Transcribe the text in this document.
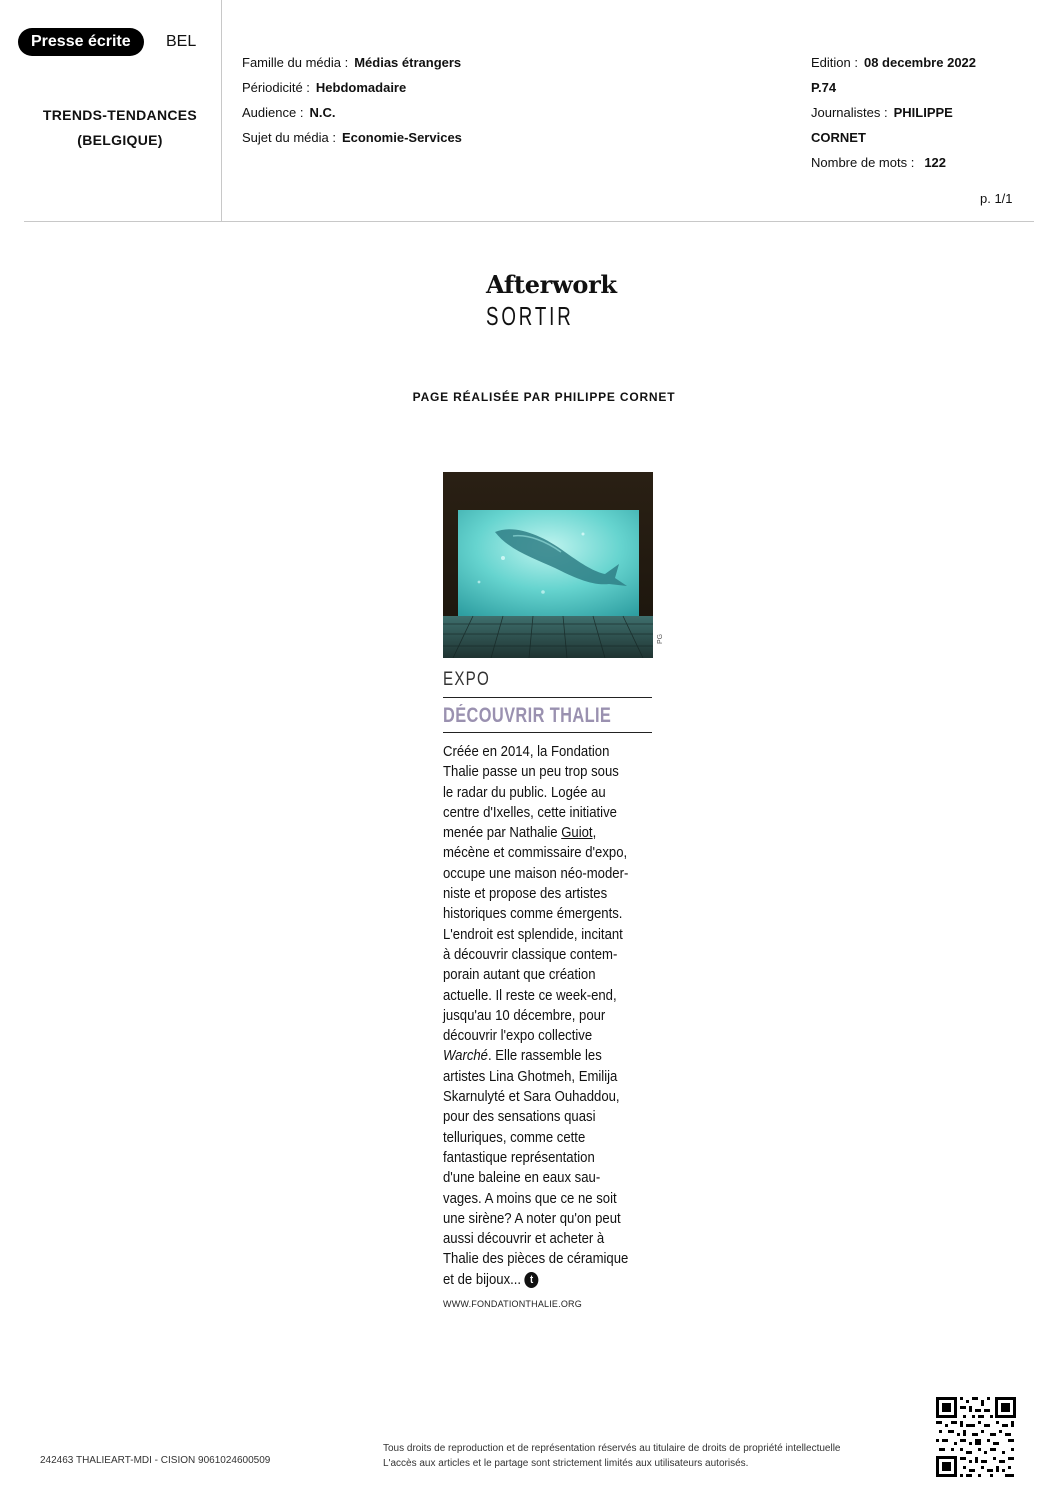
Presse écrite	BEL
TRENDS-TENDANCES
(BELGIQUE)
Famille du média : Médias étrangers
Périodicité : Hebdomadaire
Audience : N.C.
Sujet du média : Economie-Services
Edition : 08 decembre 2022
P.74
Journalistes : PHILIPPE
CORNET
Nombre de mots : 122
p. 1/1
Afterwork
SORTIR
PAGE RÉALISÉE PAR PHILIPPE CORNET
PG
EXPO
DÉCOUVRIR THALIE
Créée en 2014, la Fondation
Thalie passe un peu trop sous
le radar du public. Logée au
centre d'Ixelles, cette initiative
menée par Nathalie Guiot,
mécène et commissaire d'expo,
occupe une maison néo-moder-
niste et propose des artistes
historiques comme émergents.
L'endroit est splendide, incitant
à découvrir classique contem-
porain autant que création
actuelle. Il reste ce week-end,
jusqu'au 10 décembre, pour
découvrir l'expo collective
Warché. Elle rassemble les
artistes Lina Ghotmeh, Emilija
Skarnulyté et Sara Ouhaddou,
pour des sensations quasi
telluriques, comme cette
fantastique représentation
d'une baleine en eaux sau-
vages. A moins que ce ne soit
une sirène? A noter qu'on peut
aussi découvrir et acheter à
Thalie des pièces de céramique
et de bijoux... t
WWW.FONDATIONTHALIE.ORG
242463 THALIEART-MDI - CISION 9061024600509
Tous droits de reproduction et de représentation réservés au titulaire de droits de propriété intellectuelle
L'accès aux articles et le partage sont strictement limités aux utilisateurs autorisés.
